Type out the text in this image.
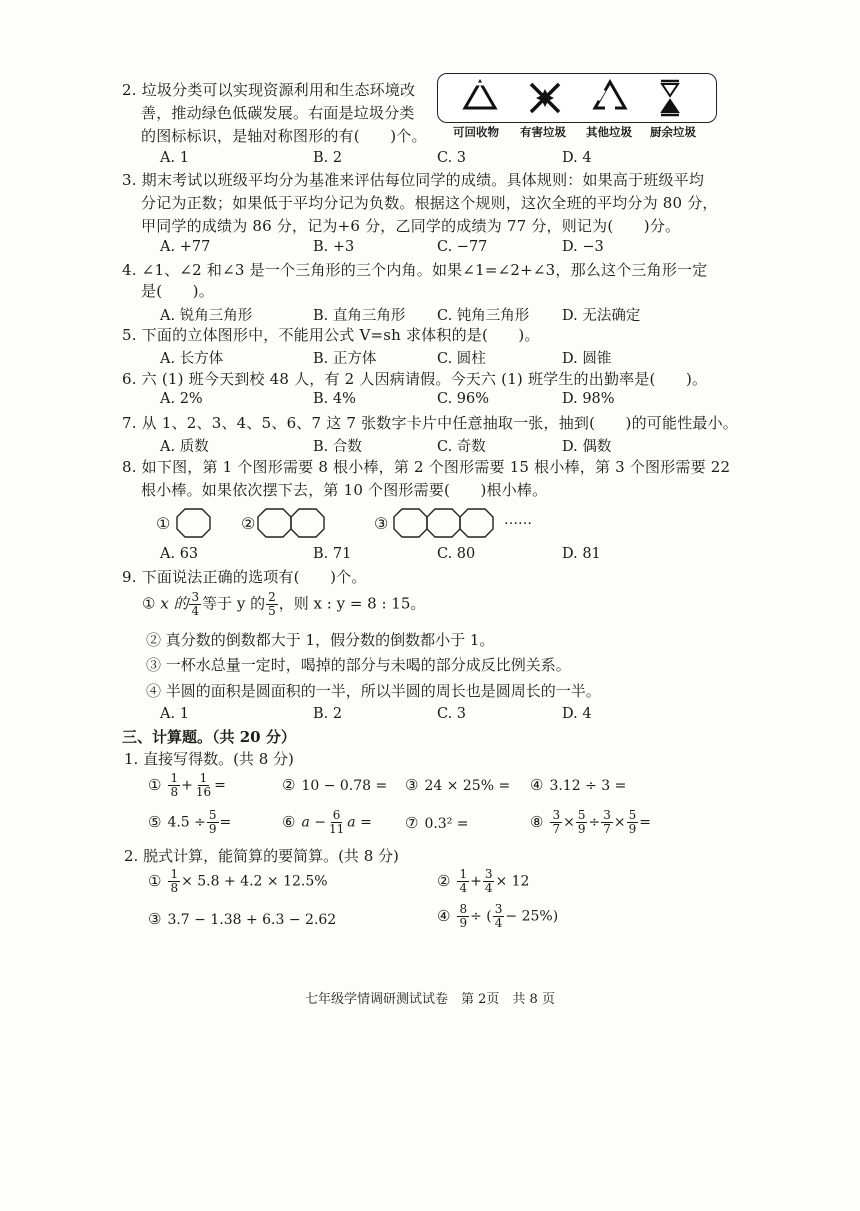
2. 垃圾分类可以实现资源利用和生态环境改
善，推动绿色低碳发展。右面是垃圾分类
的图标标识，是轴对称图形的有(　　)个。 可回收物 有害垃圾 其他垃圾 厨余垃圾
A. 1	B. 2	C. 3	D. 4
3. 期末考试以班级平均分为基准来评估每位同学的成绩。具体规则：如果高于班级平均
分记为正数；如果低于平均分记为负数。根据这个规则，这次全班的平均分为 80 分，
甲同学的成绩为 86 分，记为+6 分，乙同学的成绩为 77 分，则记为(　　)分。
A. +77	B. +3	C. −77	D. −3
4. ∠1、∠2 和∠3 是一个三角形的三个内角。如果∠1=∠2+∠3，那么这个三角形一定
是(　　)。
A. 锐角三角形	B. 直角三角形 C. 钝角三角形 D. 无法确定
5. 下面的立体图形中，不能用公式 V=sh 求体积的是(　　)。
A. 长方体	B. 正方体	C. 圆柱	D. 圆锥
6. 六 (1) 班今天到校 48 人，有 2 人因病请假。今天六 (1) 班学生的出勤率是(　　)。
A. 2%	B. 4%	C. 96%	D. 98%
7. 从 1、2、3、4、5、6、7 这 7 张数字卡片中任意抽取一张，抽到(　　)的可能性最小。
A. 质数	B. 合数	C. 奇数	D. 偶数
8. 如下图，第 1 个图形需要 8 根小棒，第 2 个图形需要 15 根小棒，第 3 个图形需要 22
根小棒。如果依次摆下去，第 10 个图形需要(　　)根小棒。
①	②	③	……
A. 63	B. 71	C. 80	D. 81
9. 下面说法正确的选项有(　　)个。
① x 的 $\frac{3}{4}$ 等于 y 的 $\frac{2}{5}$ ，则 x : y = 8 : 15。
② 真分数的倒数都大于 1，假分数的倒数都小于 1。
③ 一杯水总量一定时，喝掉的部分与未喝的部分成反比例关系。
④ 半圆的面积是圆面积的一半，所以半圆的周长也是圆周长的一半。
A. 1	B. 2	C. 3	D. 4
三、计算题。（共 20 分）
1. 直接写得数。(共 8 分)
① $\frac{1}{8} + \frac{1}{16}$ =	② 10 − 0.78 = ③ 24 × 25% = ④ 3.12 ÷ 3 =
⑤ $4.5 \div \frac{5}{9}$ =	⑥ $a - \frac{6}{11}$ a = ⑦ 0.3² =	⑧ $\frac{3}{7} \times \frac{5}{9} \div \frac{3}{7} \times \frac{5}{9}$ =
2. 脱式计算，能简算的要简算。(共 8 分)
① $\frac{1}{8} \times 5.8 + 4.2 \times 12.5\%$	② $\frac{1}{4} + \frac{3}{4} \times 12$
③ 3.7 − 1.38 + 6.3 − 2.62	④ $\frac{8}{9}$ ÷ ( $\frac{3}{4} - 25\%$)
七年级学情调研测试试卷　第 2页　共 8 页
